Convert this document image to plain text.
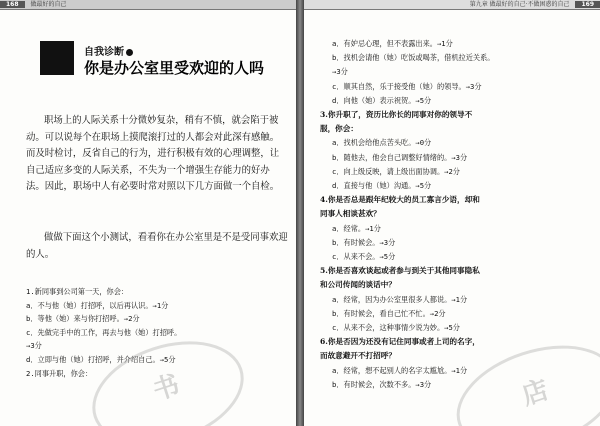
168 做最好的自己
自我诊断
你是办公室里受欢迎的人吗

职场上的人际关系十分微妙复杂，稍有不慎，就会陷于被动。可以说每个在职场上摸爬滚打过的人都会对此深有感触。而及时检讨，反省自己的行为，进行积极有效的心理调整，让自己适应多变的人际关系，不失为一个增强生存能力的好办法。因此，职场中人有必要时常对照以下几方面做一个自检。

做做下面这个小测试，看看你在办公室里是不是受同事欢迎的人。

1.新同事到公司第一天，你会：
a．不与他（她）打招呼，以后再认识。→1分
b．等他（她）来与你打招呼。→2分
c．先做完手中的工作，再去与他（她）打招呼。
→3分
d．立即与他（她）打招呼，并介绍自己。→5分
2.同事升职，你会：	书
第九章 做最好的自己·不做困惑的自己 169
a．有妒忌心理，但不表露出来。→1分
b．找机会请他（她）吃饭或喝茶，借机拉近关系。
→3分
c．顺其自然，乐于接受他（她）的领导。→3分
d．向他（她）表示祝贺。→5分
3.你升职了，资历比你长的同事对你的领导不
服，你会：
a．找机会给他点苦头吃。→0分
b．随他去，他会自己调整好情绪的。→3分
c．向上级反映，请上级出面协调。→2分
d．直接与他（她）沟通。→5分
4.你是否总是跟年纪较大的员工寡言少语，却和
同事人相谈甚欢？
a．经常。→1分
b．有时候会。→3分
c．从来不会。→5分
5.你是否喜欢谈起或者参与到关于其他同事隐私
和公司传闻的谈话中？
a．经常，因为办公室里很多人都说。→1分
b．有时候会，看自己忙不忙。→2分
c．从来不会，这种事情少说为妙。→5分
6.你是否因为还没有记住同事或者上司的名字，
而故意避开不打招呼？
a．经常，想不起别人的名字太尴尬。→1分
b．有时候会，次数不多。→3分	店
